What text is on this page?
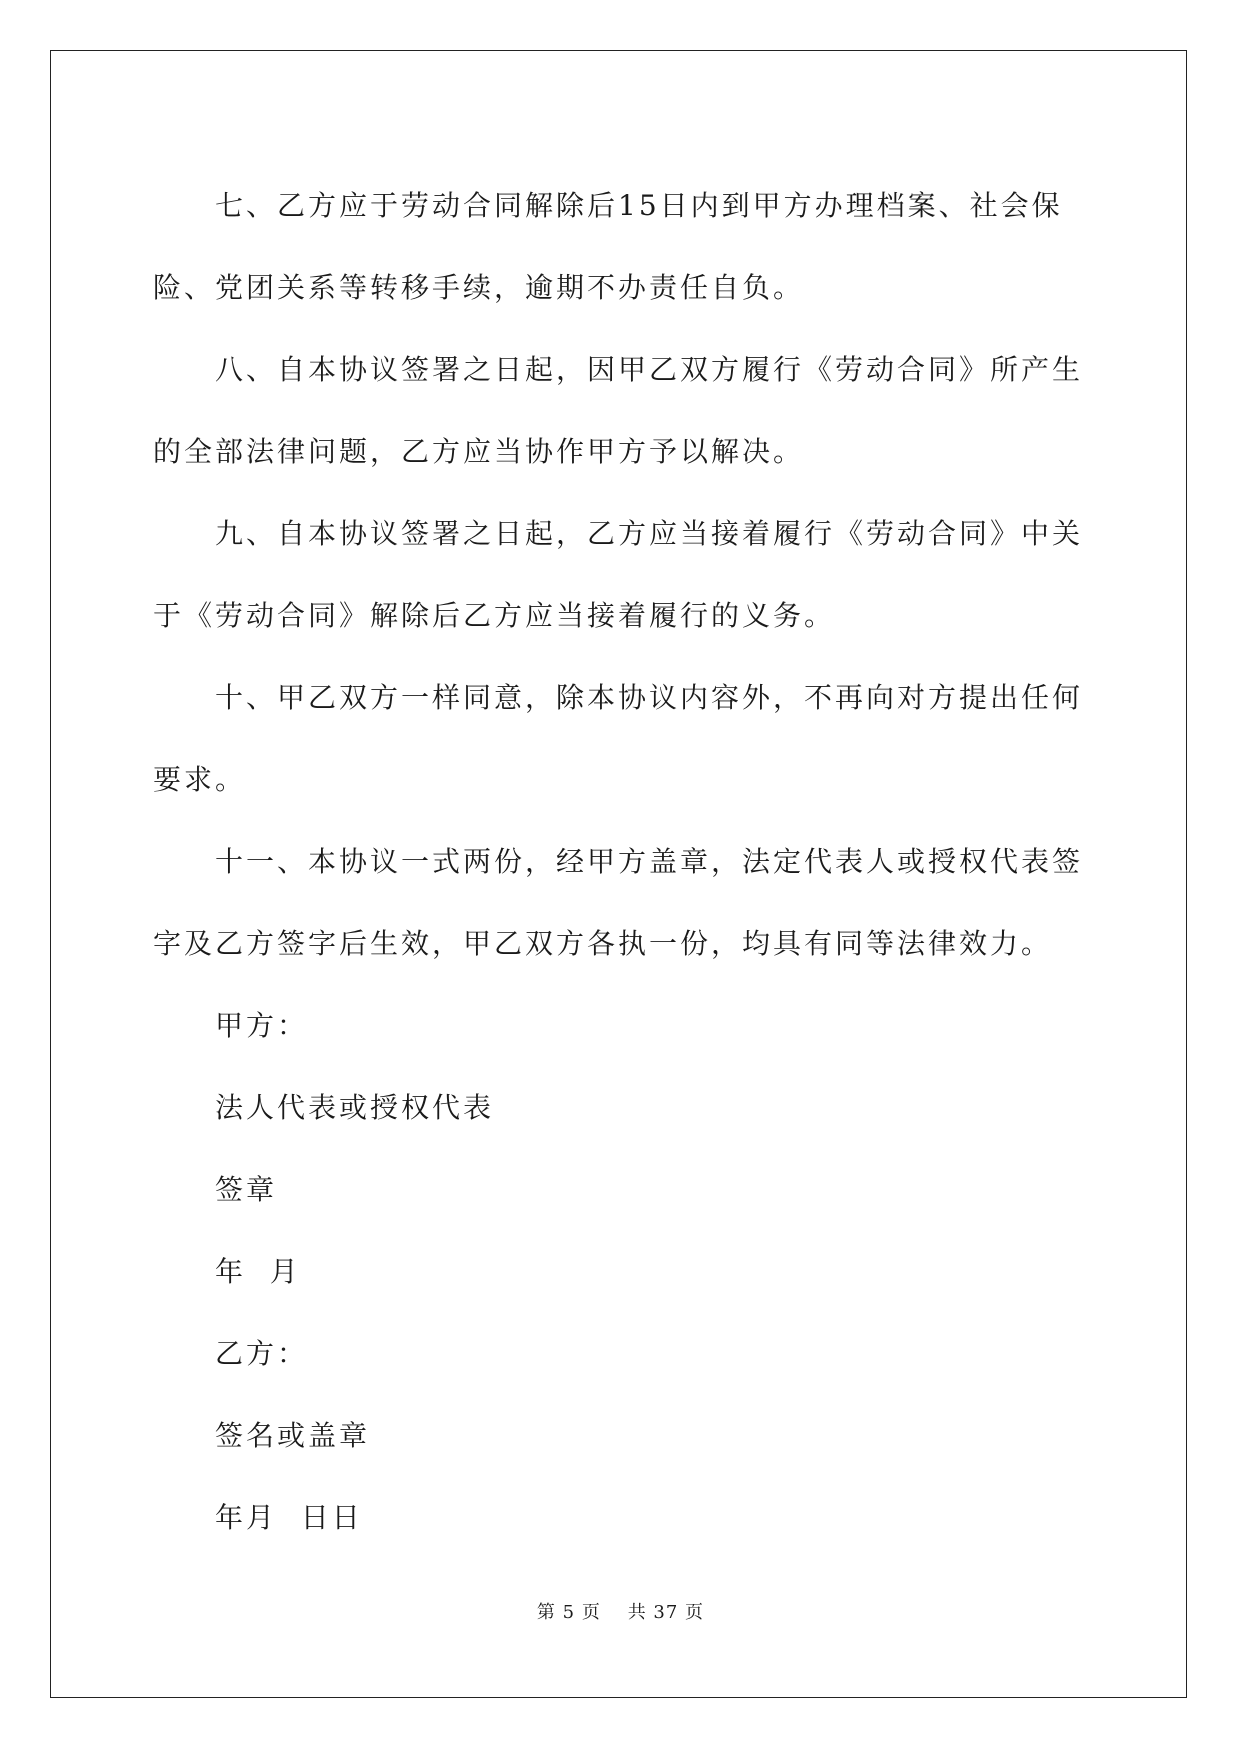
七、乙方应于劳动合同解除后15日内到甲方办理档案、社会保险、党团关系等转移手续，逾期不办责任自负。

八、自本协议签署之日起，因甲乙双方履行《劳动合同》所产生的全部法律问题，乙方应当协作甲方予以解决。

九、自本协议签署之日起，乙方应当接着履行《劳动合同》中关于《劳动合同》解除后乙方应当接着履行的义务。

十、甲乙双方一样同意，除本协议内容外，不再向对方提出任何要求。

十一、本协议一式两份，经甲方盖章，法定代表人或授权代表签字及乙方签字后生效，甲乙双方各执一份，均具有同等法律效力。

甲方：

法人代表或授权代表

签章

年  月

乙方：

签名或盖章

年月  日日

第 5 页    共 37 页
